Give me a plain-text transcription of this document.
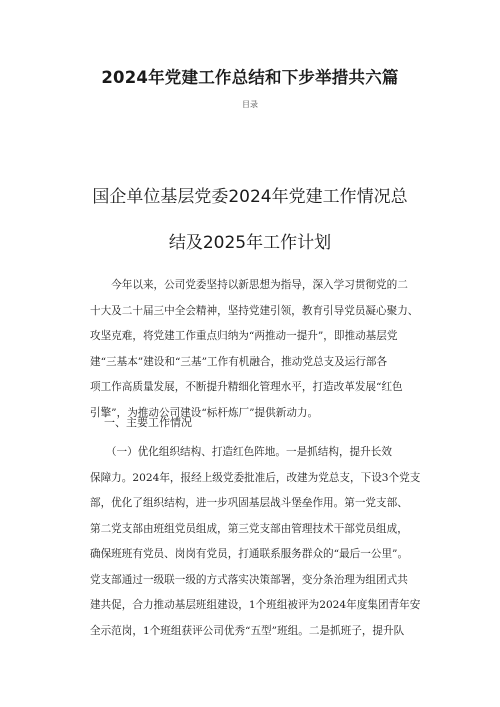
2024年党建工作总结和下步举措共六篇
目录
国企单位基层党委2024年党建工作情况总
结及2025年工作计划
　　今年以来，公司党委坚持以新思想为指导，深入学习贯彻党的二
十大及二十届三中全会精神，坚持党建引领，教育引导党员凝心聚力、
攻坚克难，将党建工作重点归纳为“两推动一提升”，即推动基层党
建“三基本”建设和“三基”工作有机融合，推动党总支及运行部各
项工作高质量发展，不断提升精细化管理水平，打造改革发展“红色
引擎”，为推动公司建设“标杆炼厂”提供新动力。
一、主要工作情况
　　（一）优化组织结构、打造红色阵地。一是抓结构，提升长效
保障力。2024年，报经上级党委批准后，改建为党总支，下设3个党支
部，优化了组织结构，进一步巩固基层战斗堡垒作用。第一党支部、
第二党支部由班组党员组成，第三党支部由管理技术干部党员组成，
确保班班有党员、岗岗有党员，打通联系服务群众的“最后一公里”。
党支部通过一级联一级的方式落实决策部署，变分条治理为组团式共
建共促，合力推动基层班组建设，1个班组被评为2024年度集团青年安
全示范岗，1个班组获评公司优秀“五型”班组。二是抓班子，提升队
